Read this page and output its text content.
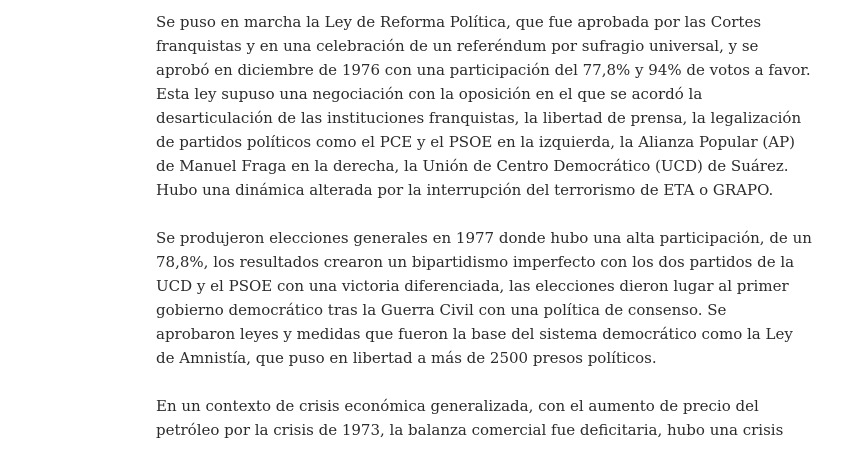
Se puso en marcha la Ley de Reforma Política, que fue aprobada por las Cortes
franquistas y en una celebración de un referéndum por sufragio universal, y se
aprobó en diciembre de 1976 con una participación del 77,8% y 94% de votos a favor.
Esta ley supuso una negociación con la oposición en el que se acordó la
desarticulación de las instituciones franquistas, la libertad de prensa, la legalización
de partidos políticos como el PCE y el PSOE en la izquierda, la Alianza Popular (AP)
de Manuel Fraga en la derecha, la Unión de Centro Democrático (UCD) de Suárez.
Hubo una dinámica alterada por la interrupción del terrorismo de ETA o GRAPO.

Se produjeron elecciones generales en 1977 donde hubo una alta participación, de un
78,8%, los resultados crearon un bipartidismo imperfecto con los dos partidos de la
UCD y el PSOE con una victoria diferenciada, las elecciones dieron lugar al primer
gobierno democrático tras la Guerra Civil con una política de consenso. Se
aprobaron leyes y medidas que fueron la base del sistema democrático como la Ley
de Amnistía, que puso en libertad a más de 2500 presos políticos.

En un contexto de crisis económica generalizada, con el aumento de precio del
petróleo por la crisis de 1973, la balanza comercial fue deficitaria, hubo una crisis
